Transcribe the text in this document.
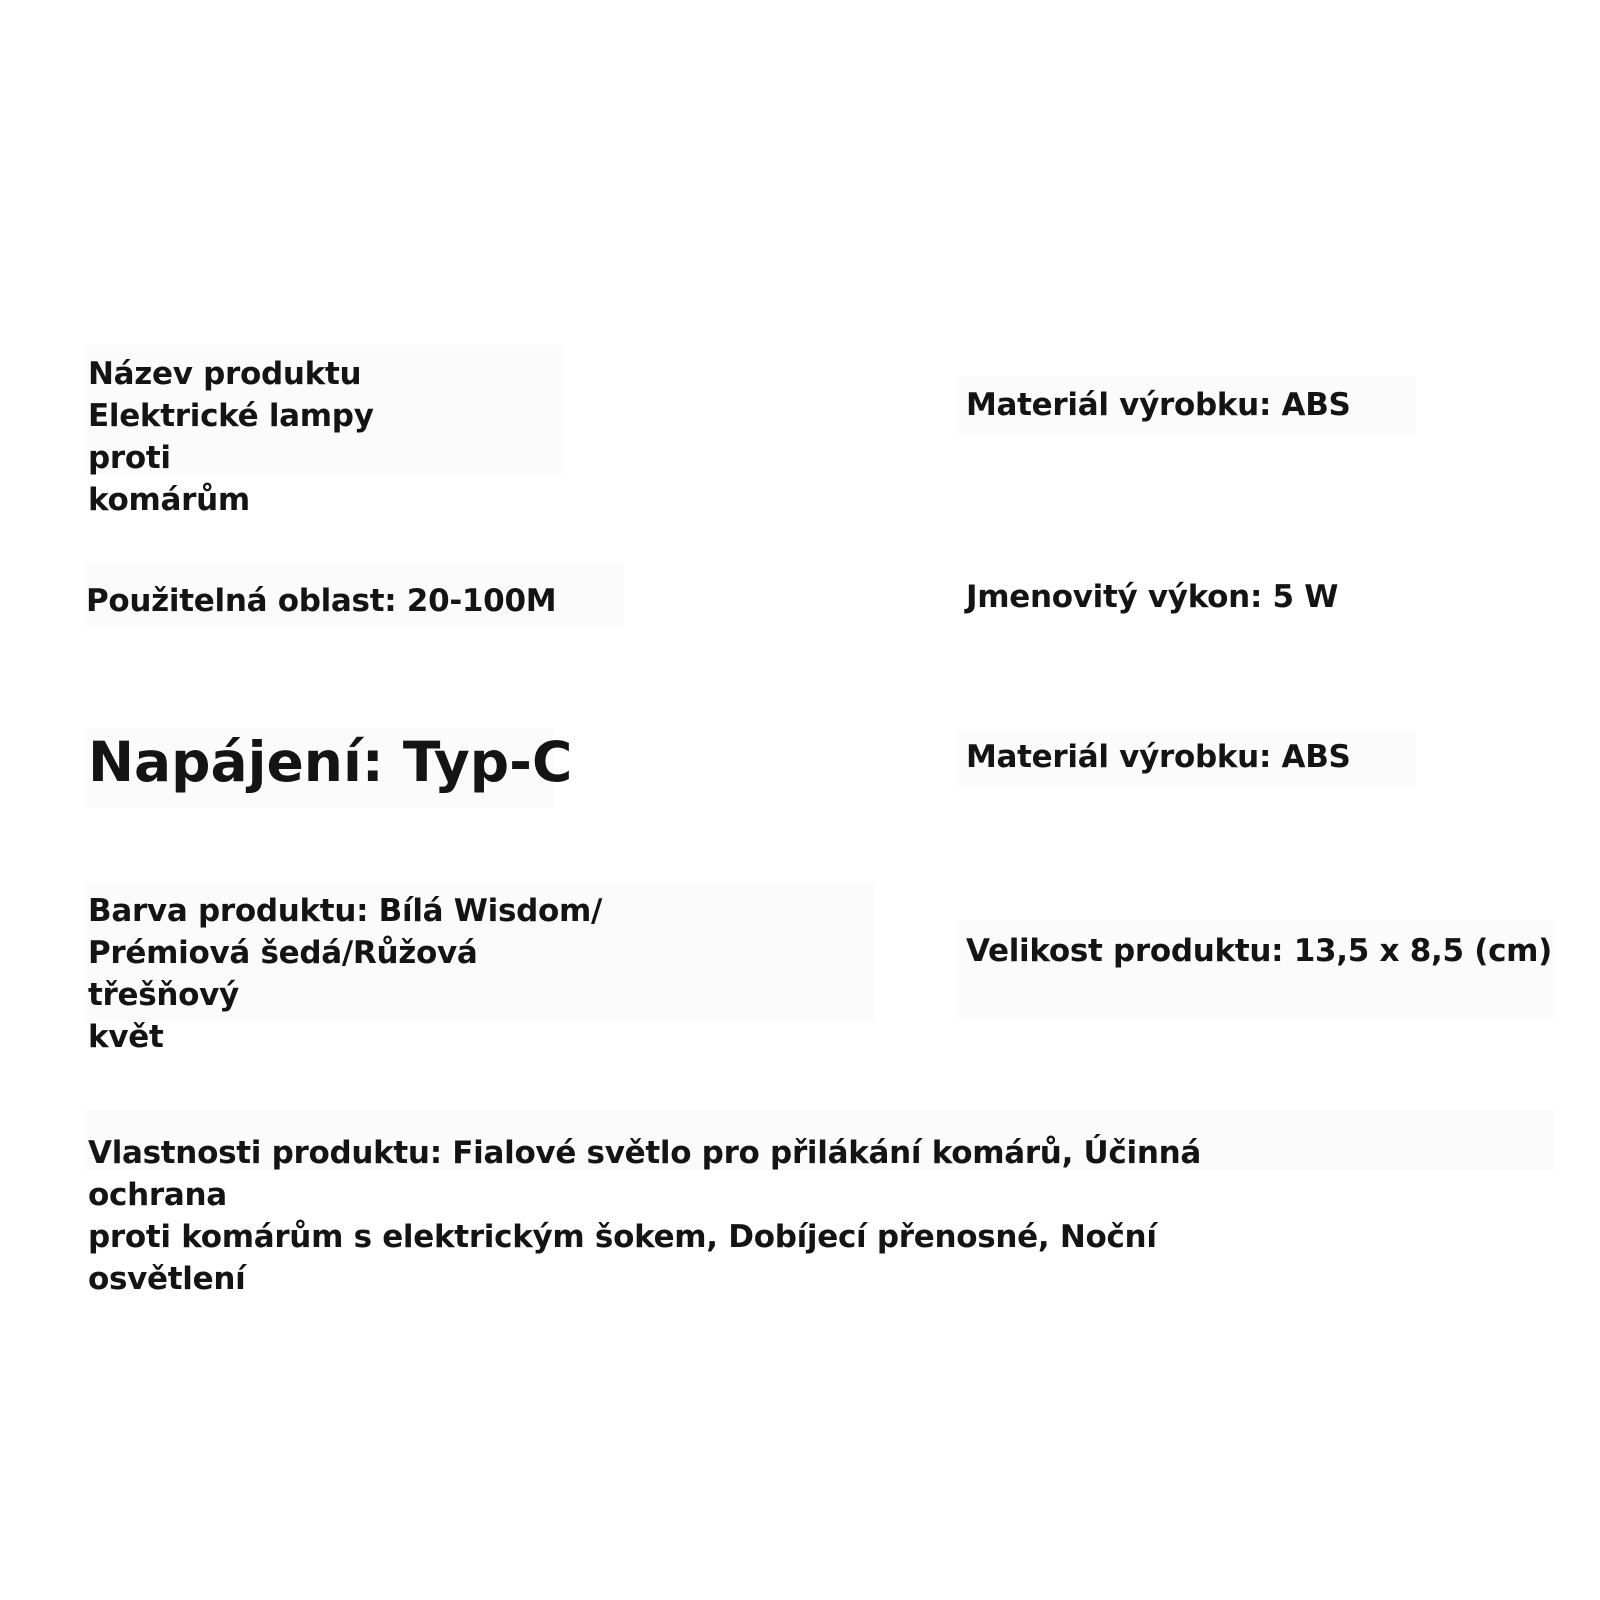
Název produktu
Elektrické lampy
proti
komárům
Materiál výrobku: ABS
Použitelná oblast: 20-100M	Jmenovitý výkon: 5 W
Napájení: Typ-C	Materiál výrobku: ABS
Barva produktu: Bílá Wisdom/
Prémiová šedá/Růžová
třešňový
květ
Velikost produktu: 13,5 x 8,5 (cm)
Vlastnosti produktu: Fialové světlo pro přilákání komárů, Účinná
ochrana
proti komárům s elektrickým šokem, Dobíjecí přenosné, Noční
osvětlení
